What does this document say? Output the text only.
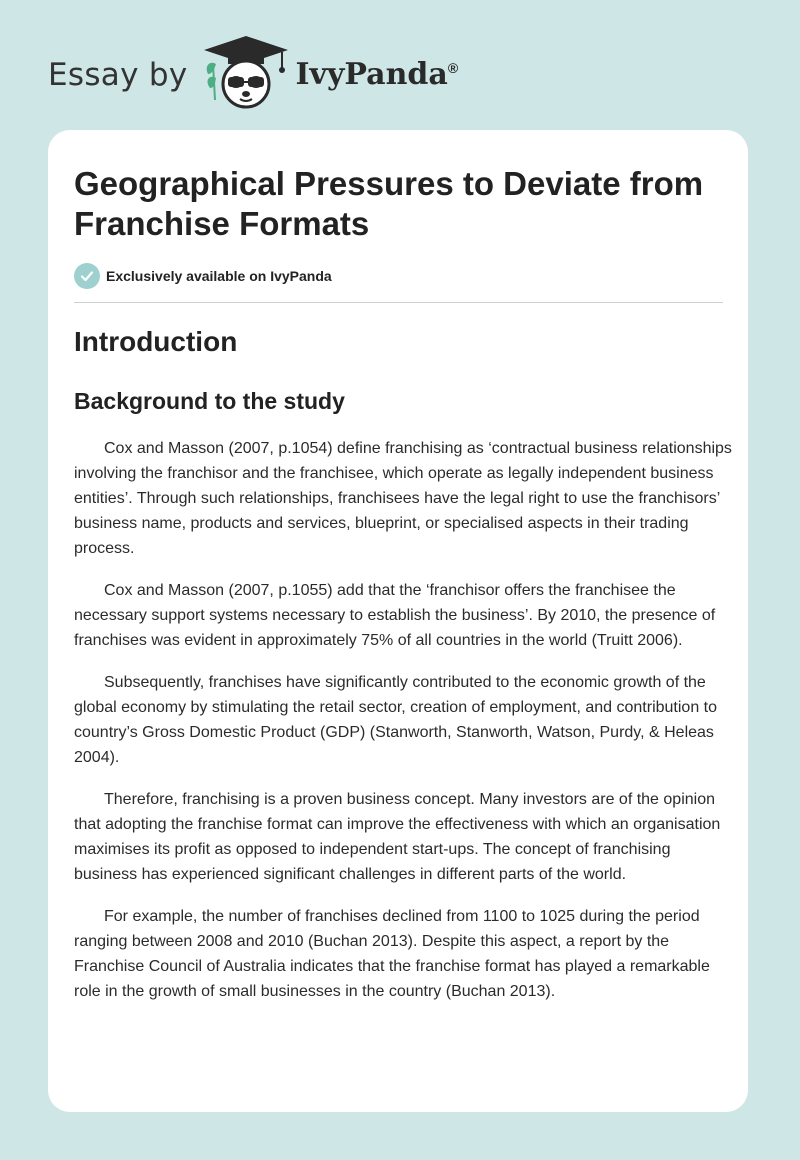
Essay by	IvyPanda®
Geographical Pressures to Deviate from Franchise Formats
Exclusively available on IvyPanda
Introduction
Background to the study

Cox and Masson (2007, p.1054) define franchising as ‘contractual business relationships involving the franchisor and the franchisee, which operate as legally independent business entities’. Through such relationships, franchisees have the legal right to use the franchisors’ business name, products and services, blueprint, or specialised aspects in their trading process.

Cox and Masson (2007, p.1055) add that the ‘franchisor offers the franchisee the necessary support systems necessary to establish the business’. By 2010, the presence of franchises was evident in approximately 75% of all countries in the world (Truitt 2006).

Subsequently, franchises have significantly contributed to the economic growth of the global economy by stimulating the retail sector, creation of employment, and contribution to country’s Gross Domestic Product (GDP) (Stanworth, Stanworth, Watson, Purdy, & Heleas 2004).

Therefore, franchising is a proven business concept. Many investors are of the opinion that adopting the franchise format can improve the effectiveness with which an organisation maximises its profit as opposed to independent start-ups. The concept of franchising business has experienced significant challenges in different parts of the world.

For example, the number of franchises declined from 1100 to 1025 during the period ranging between 2008 and 2010 (Buchan 2013). Despite this aspect, a report by the Franchise Council of Australia indicates that the franchise format has played a remarkable role in the growth of small businesses in the country (Buchan 2013).
